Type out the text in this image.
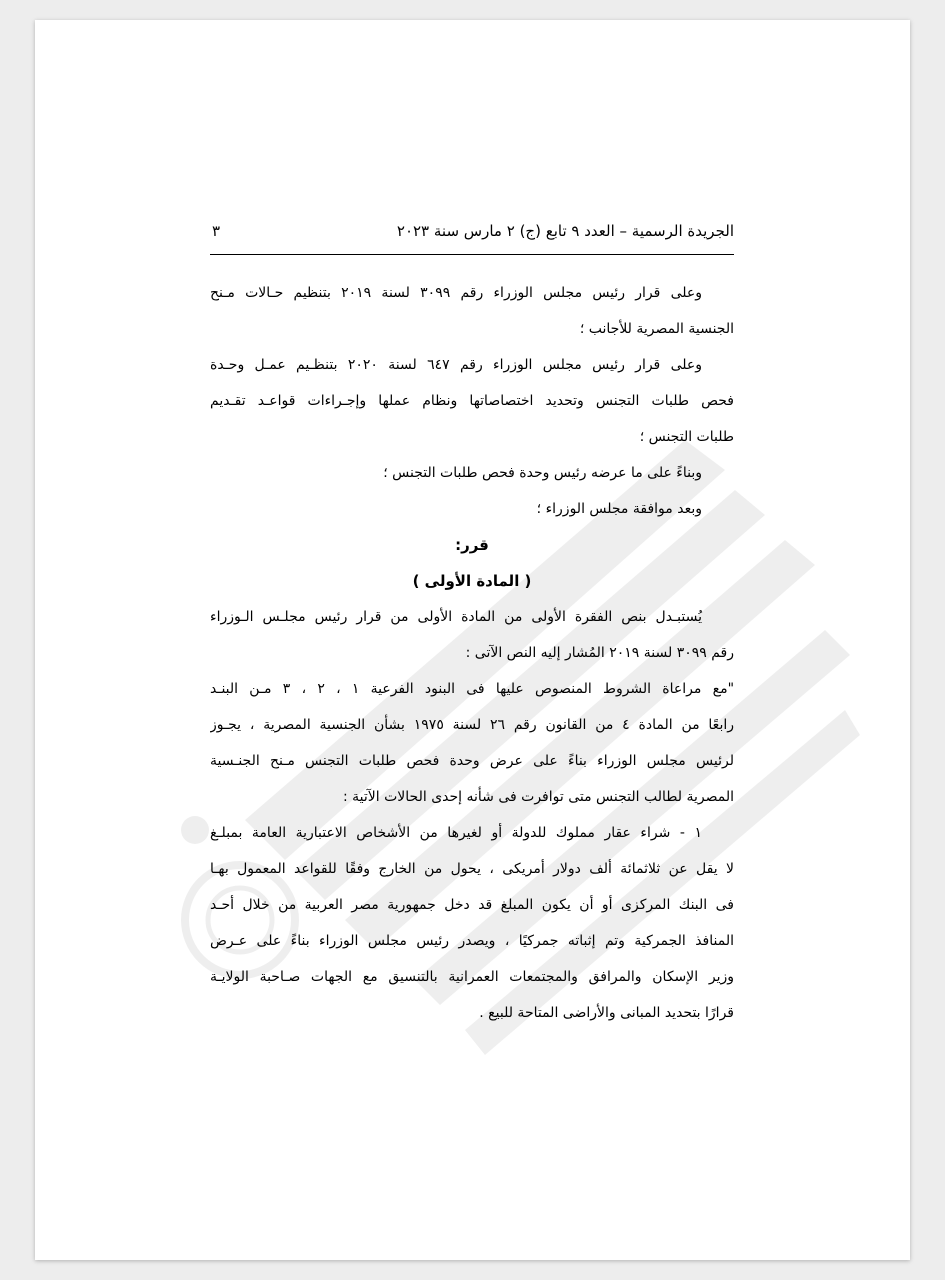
الجريدة الرسمية – العدد ٩ تابع (ج) ٢ مارس سنة ٢٠٢٣
٣
وعلى قرار رئيس مجلس الوزراء رقم ٣٠٩٩ لسنة ٢٠١٩ بتنظيم حـالات مـنح
الجنسية المصرية للأجانب ؛
وعلى قرار رئيس مجلس الوزراء رقم ٦٤٧ لسنة ٢٠٢٠ بتنظـيم عمـل وحـدة
فحص طلبات التجنس وتحديد اختصاصاتها ونظام عملها وإجـراءات قواعـد تقـديم
طلبات التجنس ؛
وبناءً على ما عرضه رئيس وحدة فحص طلبات التجنس ؛
وبعد موافقة مجلس الوزراء ؛
قرر:
( المادة الأولى )
يُستبـدل بنص الفقرة الأولى من المادة الأولى من قرار رئيس مجلـس الـوزراء
رقم ٣٠٩٩ لسنة ٢٠١٩ المُشار إليه النص الآتى :
"مع مراعاة الشروط المنصوص عليها فى البنود الفرعية ١ ، ٢ ، ٣ مـن البنـد
رابعًا من المادة ٤ من القانون رقم ٢٦ لسنة ١٩٧٥ بشأن الجنسية المصرية ، يجـوز
لرئيس مجلس الوزراء بناءً على عرض وحدة فحص طلبات التجنس مـنح الجنـسية
المصرية لطالب التجنس متى توافرت فى شأنه إحدى الحالات الآتية :
١ - شراء عقار مملوك للدولة أو لغيرها من الأشخاص الاعتبارية العامة بمبلـغ
لا يقل عن ثلاثمائة ألف دولار أمريكى ، يحول من الخارج وفقًا للقواعد المعمول بهـا
فى البنك المركزى أو أن يكون المبلغ قد دخل جمهورية مصر العربية من خلال أحـد
المنافذ الجمركية وتم إثباته جمركيًا ، ويصدر رئيس مجلس الوزراء بناءً على عـرض
وزير الإسكان والمرافق والمجتمعات العمرانية بالتنسيق مع الجهات صـاحبة الولايـة
قرارًا بتحديد المبانى والأراضى المتاحة للبيع .
